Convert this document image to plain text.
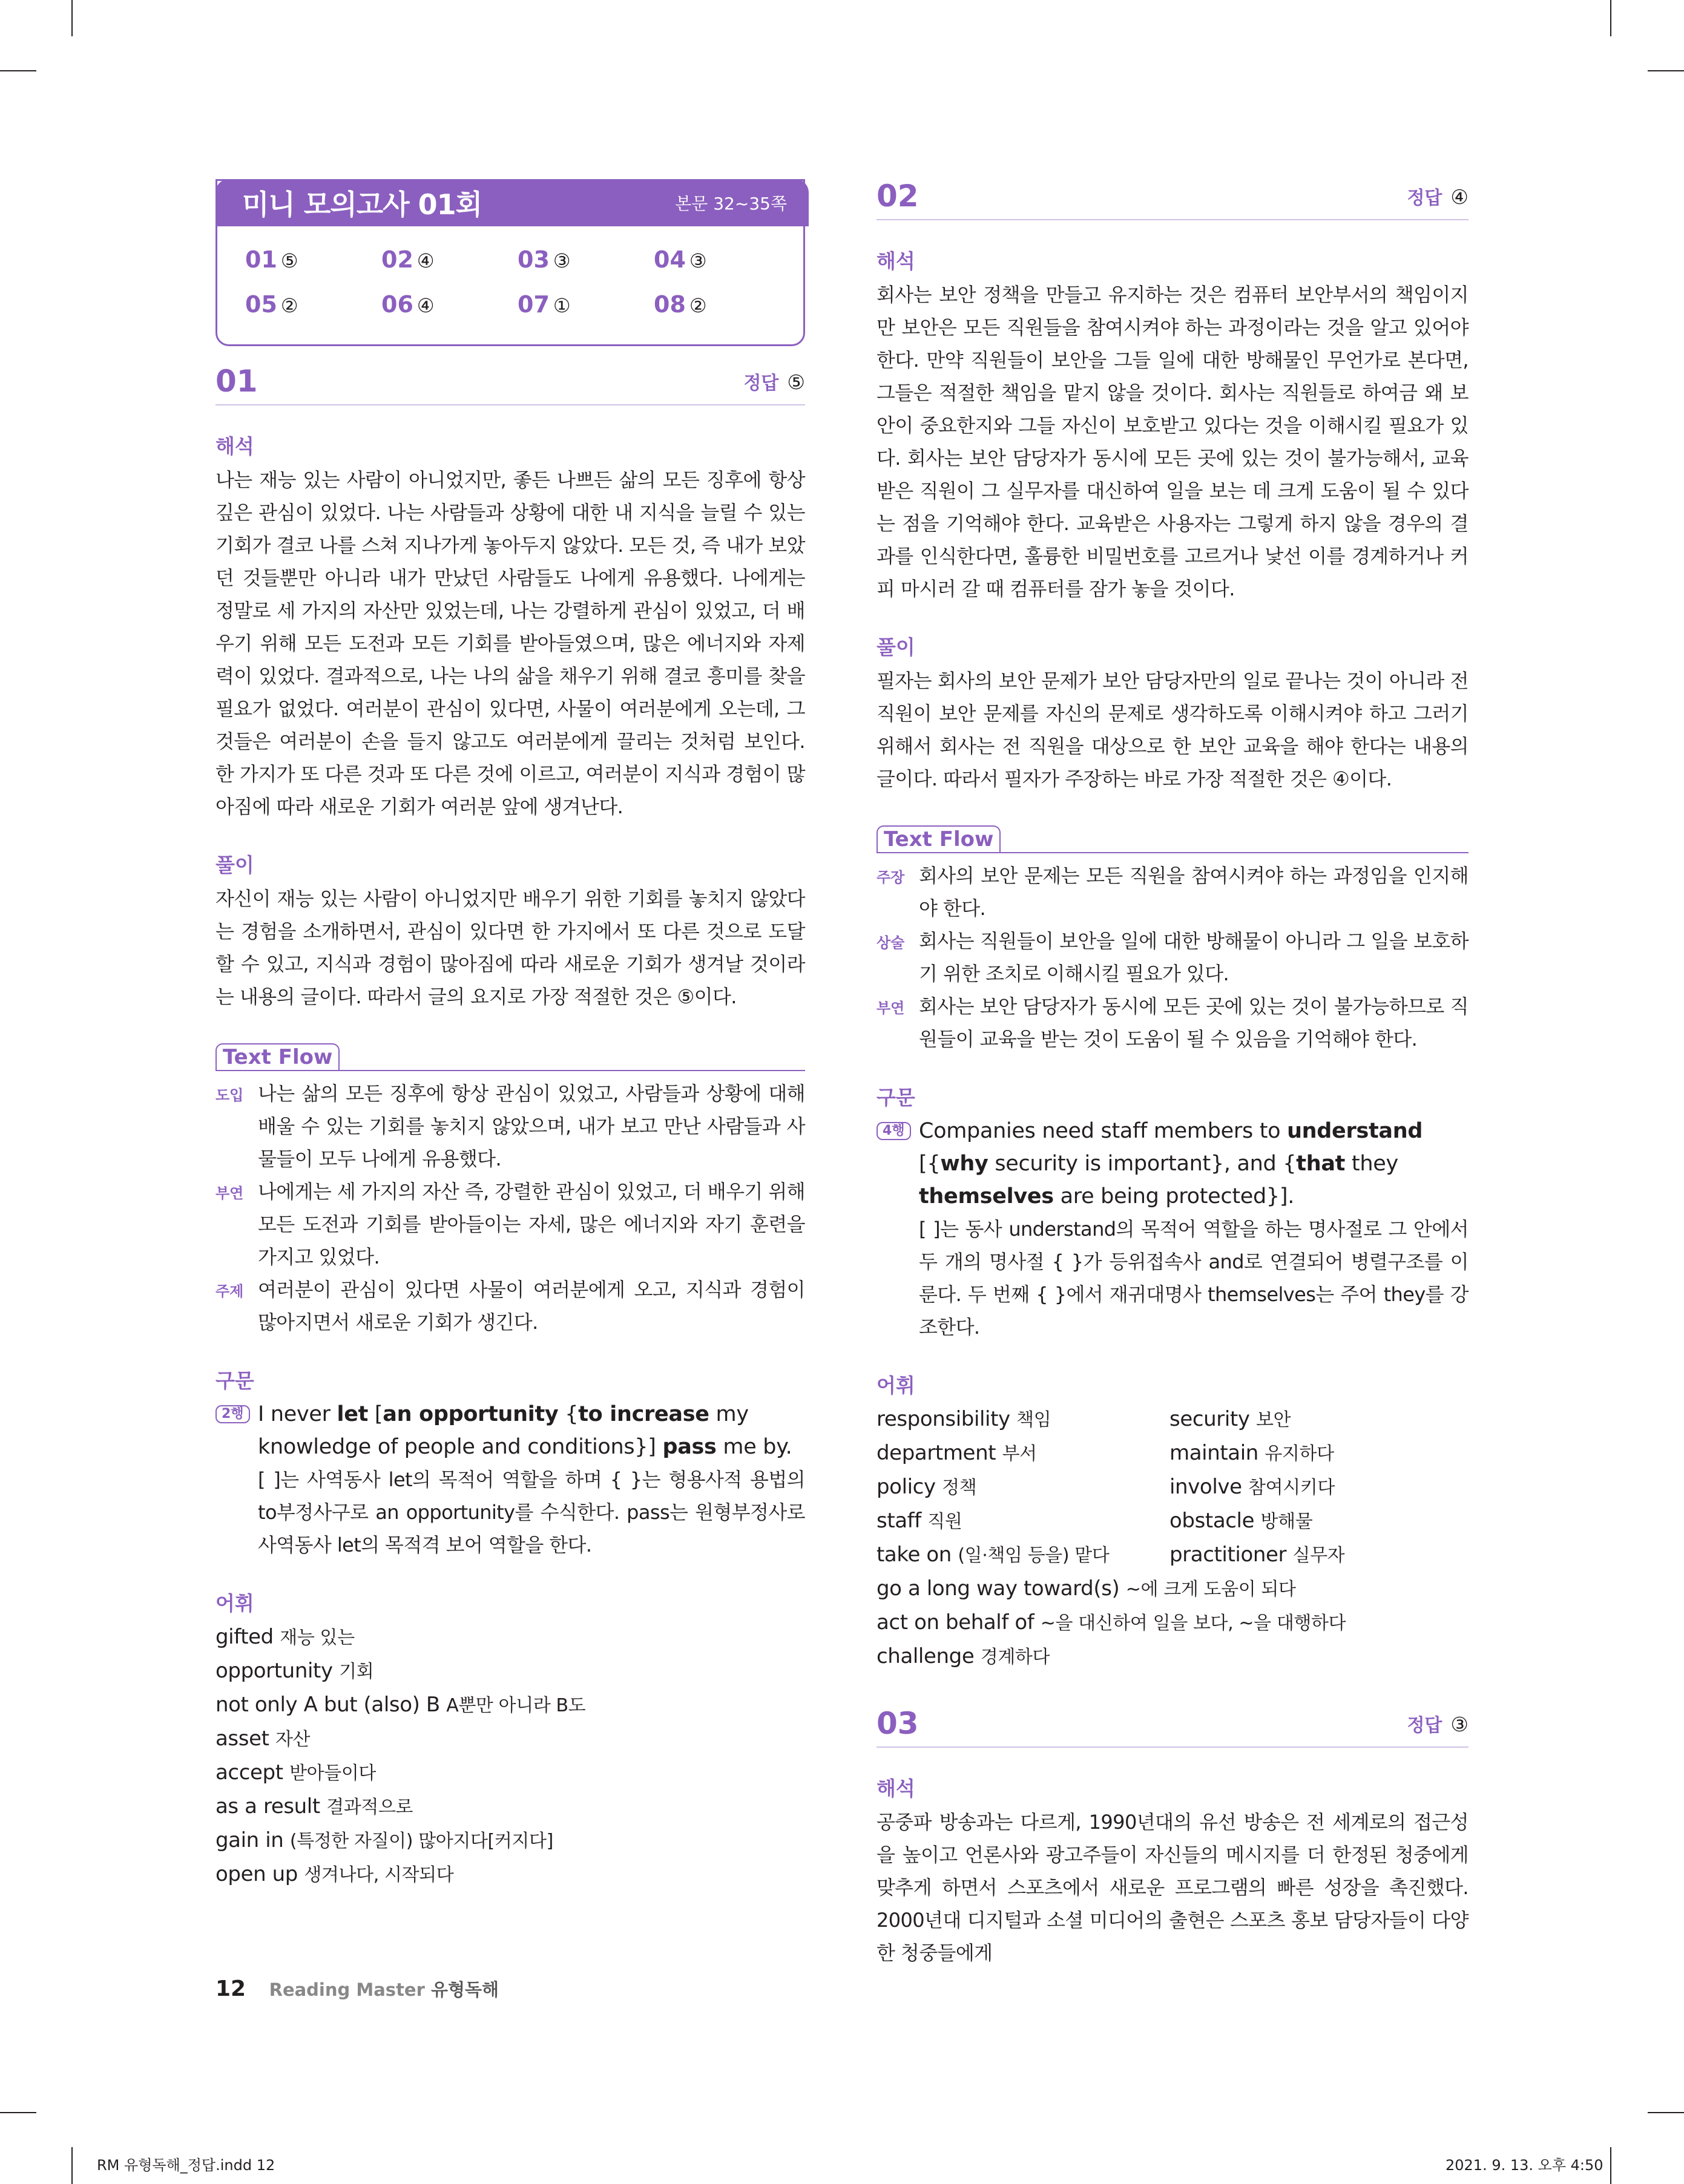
미니 모의고사 01회	본문 32~35쪽
01 ⑤	02 ④	03 ③	04 ③
05 ②	06 ④	07 ①	08 ②
01	정답 ⑤
해석
나는 재능 있는 사람이 아니었지만, 좋든 나쁘든 삶의 모든 징후에 항상 깊은 관심이 있었다. 나는 사람들과 상황에 대한 내 지식을 늘릴 수 있는 기회가 결코 나를 스쳐 지나가게 놓아두지 않았다. 모든 것, 즉 내가 보았던 것들뿐만 아니라 내가 만났던 사람들도 나에게 유용했다. 나에게는 정말로 세 가지의 자산만 있었는데, 나는 강렬하게 관심이 있었고, 더 배우기 위해 모든 도전과 모든 기회를 받아들였으며, 많은 에너지와 자제력이 있었다. 결과적으로, 나는 나의 삶을 채우기 위해 결코 흥미를 찾을 필요가 없었다. 여러분이 관심이 있다면, 사물이 여러분에게 오는데, 그것들은 여러분이 손을 들지 않고도 여러분에게 끌리는 것처럼 보인다. 한 가지가 또 다른 것과 또 다른 것에 이르고, 여러분이 지식과 경험이 많아짐에 따라 새로운 기회가 여러분 앞에 생겨난다.
풀이
자신이 재능 있는 사람이 아니었지만 배우기 위한 기회를 놓치지 않았다는 경험을 소개하면서, 관심이 있다면 한 가지에서 또 다른 것으로 도달할 수 있고, 지식과 경험이 많아짐에 따라 새로운 기회가 생겨날 것이라는 내용의 글이다. 따라서 글의 요지로 가장 적절한 것은 ⑤이다.
Text Flow
도입 나는 삶의 모든 징후에 항상 관심이 있었고, 사람들과 상황에 대해 배울 수 있는 기회를 놓치지 않았으며, 내가 보고 만난 사람들과 사물들이 모두 나에게 유용했다.
부연 나에게는 세 가지의 자산 즉, 강렬한 관심이 있었고, 더 배우기 위해 모든 도전과 기회를 받아들이는 자세, 많은 에너지와 자기 훈련을 가지고 있었다.
주제 여러분이 관심이 있다면 사물이 여러분에게 오고, 지식과 경험이 많아지면서 새로운 기회가 생긴다.
구문
2행 I never let [an opportunity {to increase my knowledge of people and conditions}] pass me by.
[ ]는 사역동사 let의 목적어 역할을 하며 { }는 형용사적 용법의 to부정사구로 an opportunity를 수식한다. pass는 원형부정사로 사역동사 let의 목적격 보어 역할을 한다.
어휘
gifted 재능 있는
opportunity 기회
not only A but (also) B A뿐만 아니라 B도
asset 자산
accept 받아들이다
as a result 결과적으로
gain in (특정한 자질이) 많아지다[커지다]
open up 생겨나다, 시작되다
02	정답 ④
해석
회사는 보안 정책을 만들고 유지하는 것은 컴퓨터 보안부서의 책임이지만 보안은 모든 직원들을 참여시켜야 하는 과정이라는 것을 알고 있어야 한다. 만약 직원들이 보안을 그들 일에 대한 방해물인 무언가로 본다면, 그들은 적절한 책임을 맡지 않을 것이다. 회사는 직원들로 하여금 왜 보안이 중요한지와 그들 자신이 보호받고 있다는 것을 이해시킬 필요가 있다. 회사는 보안 담당자가 동시에 모든 곳에 있는 것이 불가능해서, 교육받은 직원이 그 실무자를 대신하여 일을 보는 데 크게 도움이 될 수 있다는 점을 기억해야 한다. 교육받은 사용자는 그렇게 하지 않을 경우의 결과를 인식한다면, 훌륭한 비밀번호를 고르거나 낯선 이를 경계하거나 커피 마시러 갈 때 컴퓨터를 잠가 놓을 것이다.
풀이
필자는 회사의 보안 문제가 보안 담당자만의 일로 끝나는 것이 아니라 전 직원이 보안 문제를 자신의 문제로 생각하도록 이해시켜야 하고 그러기 위해서 회사는 전 직원을 대상으로 한 보안 교육을 해야 한다는 내용의 글이다. 따라서 필자가 주장하는 바로 가장 적절한 것은 ④이다.
Text Flow
주장 회사의 보안 문제는 모든 직원을 참여시켜야 하는 과정임을 인지해야 한다.
상술 회사는 직원들이 보안을 일에 대한 방해물이 아니라 그 일을 보호하기 위한 조치로 이해시킬 필요가 있다.
부연 회사는 보안 담당자가 동시에 모든 곳에 있는 것이 불가능하므로 직원들이 교육을 받는 것이 도움이 될 수 있음을 기억해야 한다.
구문
4행 Companies need staff members to understand [{why security is important}, and {that they themselves are being protected}].
[ ]는 동사 understand의 목적어 역할을 하는 명사절로 그 안에서 두 개의 명사절 { }가 등위접속사 and로 연결되어 병렬구조를 이룬다. 두 번째 { }에서 재귀대명사 themselves는 주어 they를 강조한다.
어휘
responsibility 책임	security 보안
department 부서	maintain 유지하다
policy 정책	involve 참여시키다
staff 직원	obstacle 방해물
take on (일·책임 등을) 맡다	practitioner 실무자
go a long way toward(s) ~에 크게 도움이 되다
act on behalf of ~을 대신하여 일을 보다, ~을 대행하다
challenge 경계하다
03	정답 ③
해석
공중파 방송과는 다르게, 1990년대의 유선 방송은 전 세계로의 접근성을 높이고 언론사와 광고주들이 자신들의 메시지를 더 한정된 청중에게 맞추게 하면서 스포츠에서 새로운 프로그램의 빠른 성장을 촉진했다. 2000년대 디지털과 소셜 미디어의 출현은 스포츠 홍보 담당자들이 다양한 청중들에게
12 Reading Master 유형독해
RM 유형독해_정답.indd 12	2021. 9. 13. 오후 4:50
